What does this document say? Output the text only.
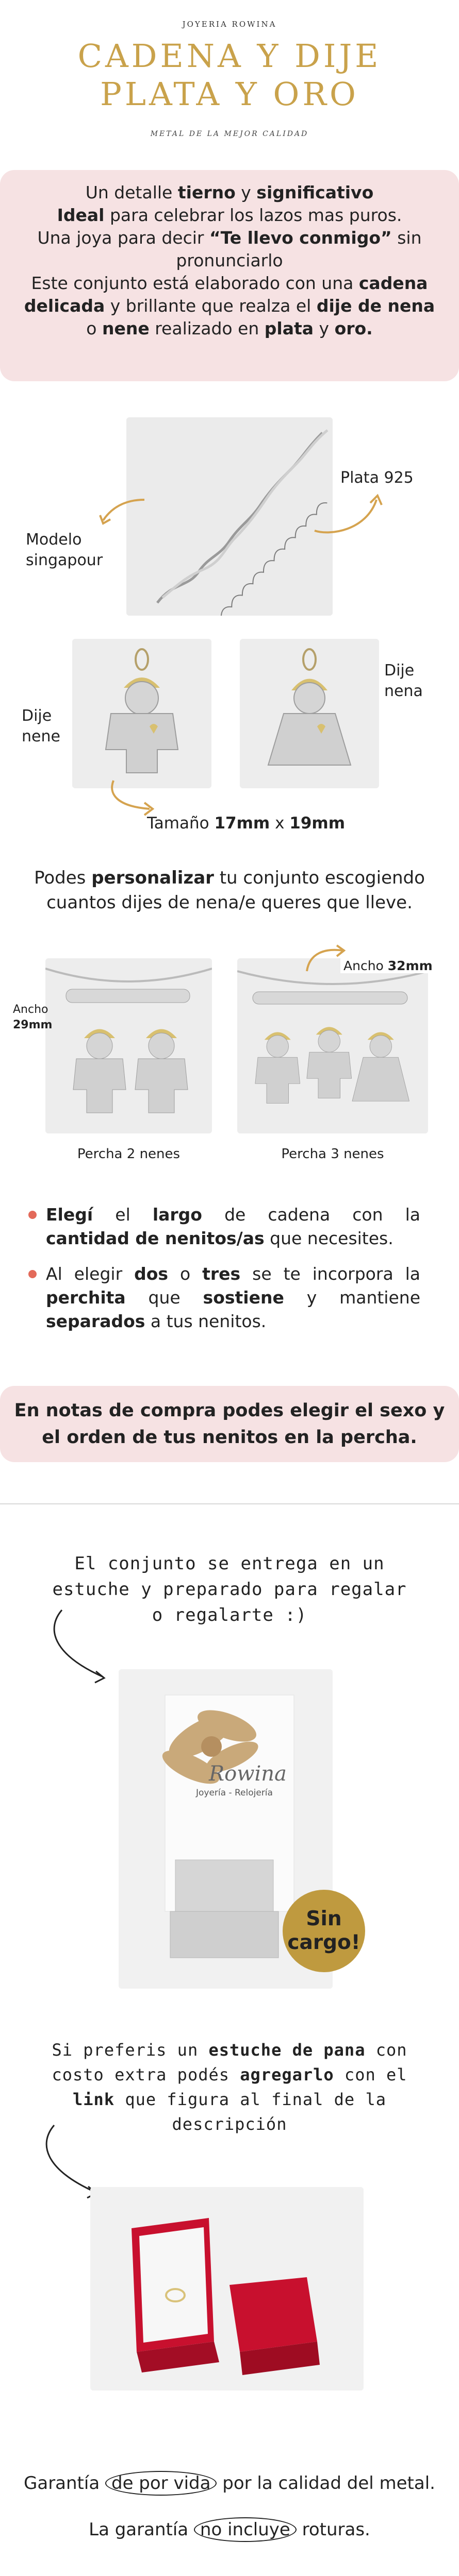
JOYERIA ROWINA
CADENA Y DIJE
PLATA Y ORO
METAL DE LA MEJOR CALIDAD
Un detalle tierno y significativo
Ideal para celebrar los lazos mas puros.
Una joya para decir “Te llevo conmigo” sin
pronunciarlo
Este conjunto está elaborado con una cadena
delicada y brillante que realza el dije de nena
o nene realizado en plata y oro.
Modelo
singapour
Plata 925
Dije
nene
Dije
nena
Tamaño 17mm x 19mm
Podes personalizar tu conjunto escogiendo
cuantos dijes de nena/e queres que lleve.
Ancho
29mm
Ancho 32mm
Percha 2 nenes	Percha 3 nenes
Elegí el largo de cadena con la
cantidad de nenitos/as que necesites.
Al elegir dos o tres se te incorpora la
perchita que sostiene y mantiene
separados a tus nenitos.
En notas de compra podes elegir el sexo y
el orden de tus nenitos en la percha.
El conjunto se entrega en un
estuche y preparado para regalar
o regalarte :)
Rowina
Joyería - Relojería
Sin
cargo!
Si preferis un estuche de pana con
costo extra podés agregarlo con el
link que figura al final de la
descripción
Garantía de por vida por la calidad del metal.
La garantía no incluye roturas.
